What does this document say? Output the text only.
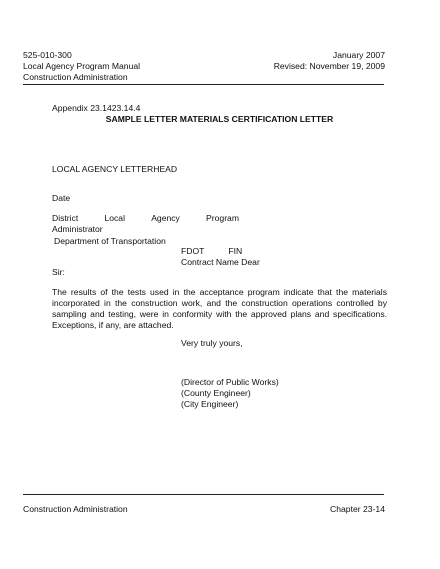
525-010-300
Local Agency Program Manual
Construction Administration
January 2007
Revised: November 19, 2009
Appendix 23.1423.14.4
SAMPLE LETTER MATERIALS CERTIFICATION LETTER
LOCAL AGENCY LETTERHEAD
Date
District	Local	Agency	Program
Administrator
Department of Transportation
FDOT	FIN
Contract Name Dear
Sir:
The results of the tests used in the acceptance program indicate that the materials incorporated in the construction work, and the construction operations controlled by sampling and testing, were in conformity with the approved plans and specifications. Exceptions, if any, are attached.
Very truly yours,
(Director of Public Works)
(County Engineer)
(City Engineer)
Construction Administration	Chapter 23-14
